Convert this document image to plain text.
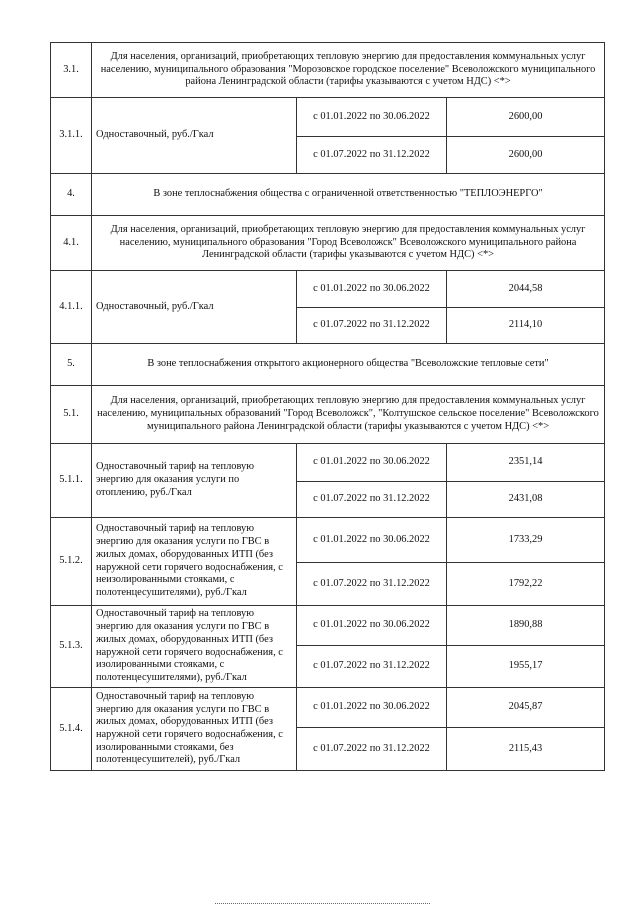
3.1.	Для населения, организаций, приобретающих тепловую энергию для предоставления коммунальных услуг населению, муниципального образования "Морозовское городское поселение" Всеволожского муниципального района Ленинградской области (тарифы указываются с учетом НДС) <*>		
3.1.1.	Одноставочный, руб./Гкал	с 01.01.2022 по 30.06.2022	2600,00
		с 01.07.2022 по 31.12.2022	2600,00
4.	В зоне теплоснабжения общества с ограниченной ответственностью "ТЕПЛОЭНЕРГО"		
4.1.	Для населения, организаций, приобретающих тепловую энергию для предоставления коммунальных услуг населению, муниципального образования "Город Всеволожск" Всеволожского муниципального района Ленинградской области (тарифы указываются с учетом НДС) <*>		
4.1.1.	Одноставочный, руб./Гкал	с 01.01.2022 по 30.06.2022	2044,58
		с 01.07.2022 по 31.12.2022	2114,10
5.	В зоне теплоснабжения открытого акционерного общества "Всеволожские тепловые сети"		
5.1.	Для населения, организаций, приобретающих тепловую энергию для предоставления коммунальных услуг населению, муниципальных образований "Город Всеволожск", "Колтушское сельское поселение" Всеволожского муниципального района Ленинградской области (тарифы указываются с учетом НДС) <*>		
5.1.1.	Одноставочный тариф на тепловую энергию для оказания услуги по отоплению, руб./Гкал	с 01.01.2022 по 30.06.2022	2351,14
		с 01.07.2022 по 31.12.2022	2431,08
5.1.2.	Одноставочный тариф на тепловую энергию для оказания услуги по ГВС в жилых домах, оборудованных ИТП (без наружной сети горячего водоснабжения, с неизолированными стояками, с полотенцесушителями), руб./Гкал	с 01.01.2022 по 30.06.2022	1733,29
		с 01.07.2022 по 31.12.2022	1792,22
5.1.3.	Одноставочный тариф на тепловую энергию для оказания услуги по ГВС в жилых домах, оборудованных ИТП (без наружной сети горячего водоснабжения, с изолированными стояками, с полотенцесушителями), руб./Гкал	с 01.01.2022 по 30.06.2022	1890,88
		с 01.07.2022 по 31.12.2022	1955,17
5.1.4.	Одноставочный тариф на тепловую энергию для оказания услуги по ГВС в жилых домах, оборудованных ИТП (без наружной сети горячего водоснабжения, с изолированными стояками, без полотенцесушителей), руб./Гкал	с 01.01.2022 по 30.06.2022	2045,87
		с 01.07.2022 по 31.12.2022	2115,43
